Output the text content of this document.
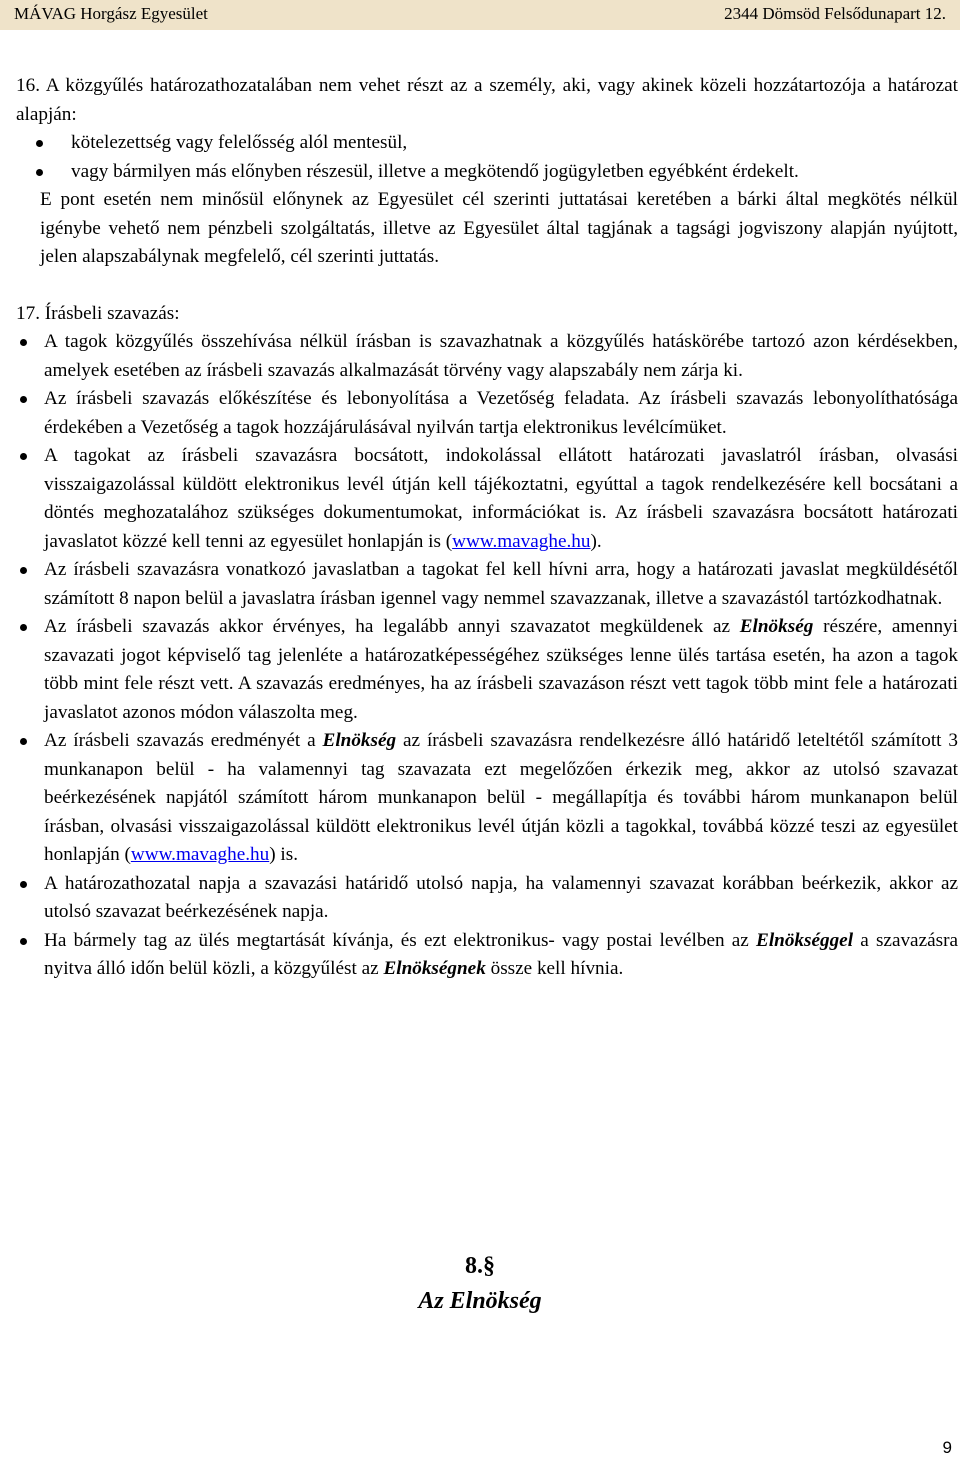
MÁVAG Horgász Egyesület	2344 Dömsöd Felsődunapart 12.

16. A közgyűlés határozathozatalában nem vehet részt az a személy, aki, vagy akinek közeli hozzátartozója a határozat alapján:

kötelezettség vagy felelősség alól mentesül,
vagy bármilyen más előnyben részesül, illetve a megkötendő jogügyletben egyébként érdekelt.

E pont esetén nem minősül előnynek az Egyesület cél szerinti juttatásai keretében a bárki által megkötés nélkül igénybe vehető nem pénzbeli szolgáltatás, illetve az Egyesület által tagjának a tagsági jogviszony alapján nyújtott, jelen alapszabálynak megfelelő, cél szerinti juttatás.

17. Írásbeli szavazás:

A tagok közgyűlés összehívása nélkül írásban is szavazhatnak a közgyűlés hatáskörébe tartozó azon kérdésekben, amelyek esetében az írásbeli szavazás alkalmazását törvény vagy alapszabály nem zárja ki.
Az írásbeli szavazás előkészítése és lebonyolítása a Vezetőség feladata. Az írásbeli szavazás lebonyolíthatósága érdekében a Vezetőség a tagok hozzájárulásával nyilván tartja elektronikus levélcímüket.
A tagokat az írásbeli szavazásra bocsátott, indokolással ellátott határozati javaslatról írásban, olvasási visszaigazolással küldött elektronikus levél útján kell tájékoztatni, egyúttal a tagok rendelkezésére kell bocsátani a döntés meghozatalához szükséges dokumentumokat, információkat is. Az írásbeli szavazásra bocsátott határozati javaslatot közzé kell tenni az egyesület honlapján is (www.mavaghe.hu).
Az írásbeli szavazásra vonatkozó javaslatban a tagokat fel kell hívni arra, hogy a határozati javaslat megküldésétől számított 8 napon belül a javaslatra írásban igennel vagy nemmel szavazzanak, illetve a szavazástól tartózkodhatnak.
Az írásbeli szavazás akkor érvényes, ha legalább annyi szavazatot megküldenek az Elnökség részére, amennyi szavazati jogot képviselő tag jelenléte a határozatképességéhez szükséges lenne ülés tartása esetén, ha azon a tagok több mint fele részt vett. A szavazás eredményes, ha az írásbeli szavazáson részt vett tagok több mint fele a határozati javaslatot azonos módon válaszolta meg.
Az írásbeli szavazás eredményét a Elnökség az írásbeli szavazásra rendelkezésre álló határidő leteltétől számított 3 munkanapon belül - ha valamennyi tag szavazata ezt megelőzően érkezik meg, akkor az utolsó szavazat beérkezésének napjától számított három munkanapon belül - megállapítja és további három munkanapon belül írásban, olvasási visszaigazolással küldött elektronikus levél útján közli a tagokkal, továbbá közzé teszi az egyesület honlapján (www.mavaghe.hu) is.
A határozathozatal napja a szavazási határidő utolsó napja, ha valamennyi szavazat korábban beérkezik, akkor az utolsó szavazat beérkezésének napja.
Ha bármely tag az ülés megtartását kívánja, és ezt elektronikus- vagy postai levélben az Elnökséggel a szavazásra nyitva álló időn belül közli, a közgyűlést az Elnökségnek össze kell hívnia.
8.§
Az Elnökség
9
